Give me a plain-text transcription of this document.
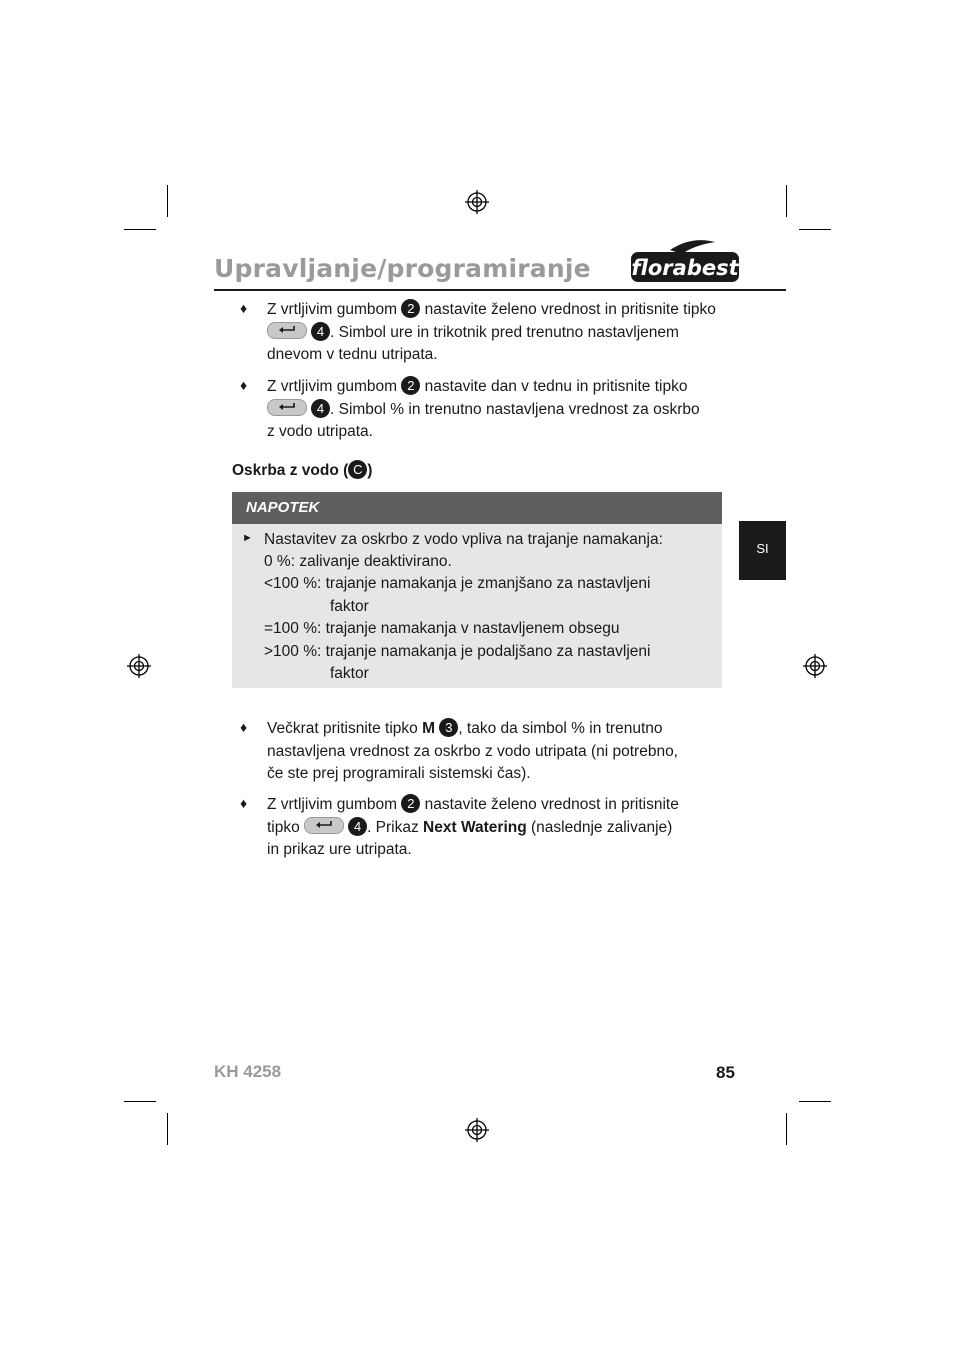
Upravljanje/programiranje florabest
SI
♦ Z vrtljivim gumbom 2 nastavite želeno vrednost in pritisnite tipko
4 . Simbol ure in trikotnik pred trenutno nastavljenem
dnevom v tednu utripata.
♦ Z vrtljivim gumbom 2 nastavite dan v tednu in pritisnite tipko
4 . Simbol % in trenutno nastavljena vrednost za oskrbo
z vodo utripata.
Oskrba z vodo ( C )
NAPOTEK
► Nastavitev za oskrbo z vodo vpliva na trajanje namakanja:
0 %: zalivanje deaktivirano.
<100 %: trajanje namakanja je zmanjšano za nastavljeni
faktor
=100 %: trajanje namakanja v nastavljenem obsegu
>100 %: trajanje namakanja je podaljšano za nastavljeni
faktor
♦ Večkrat pritisnite tipko M 3 , tako da simbol % in trenutno
nastavljena vrednost za oskrbo z vodo utripata (ni potrebno,
če ste prej programirali sistemski čas).
♦ Z vrtljivim gumbom 2 nastavite želeno vrednost in pritisnite
tipko	4 . Prikaz Next Watering (naslednje zalivanje)
in prikaz ure utripata.
KH 4258	85
